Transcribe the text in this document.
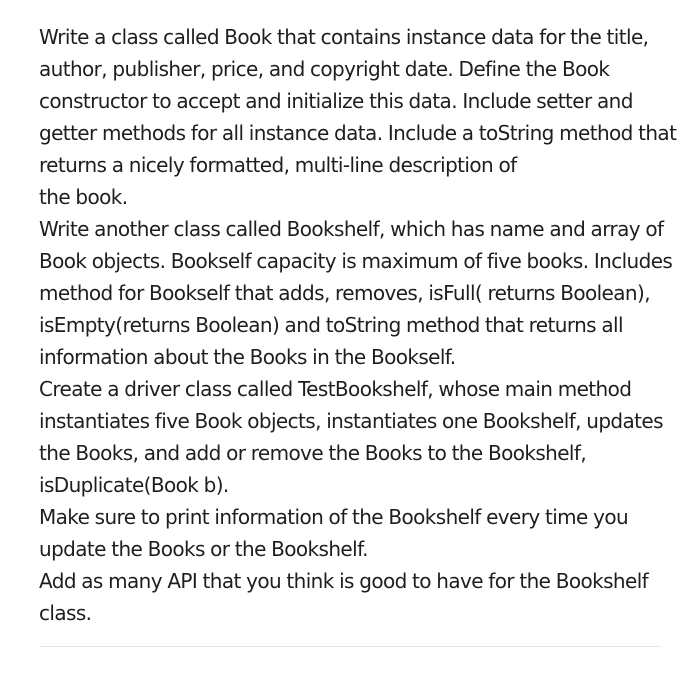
Write a class called Book that contains instance data for the title,
author, publisher, price, and copyright date. Define the Book
constructor to accept and initialize this data. Include setter and
getter methods for all instance data. Include a toString method that
returns a nicely formatted, multi-line description of
the book.
Write another class called Bookshelf, which has name and array of
Book objects. Bookself capacity is maximum of five books. Includes
method for Bookself that adds, removes, isFull( returns Boolean),
isEmpty(returns Boolean) and toString method that returns all
information about the Books in the Bookself.
Create a driver class called TestBookshelf, whose main method
instantiates five Book objects, instantiates one Bookshelf, updates
the Books, and add or remove the Books to the Bookshelf,
isDuplicate(Book b).
Make sure to print information of the Bookshelf every time you
update the Books or the Bookshelf.
Add as many API that you think is good to have for the Bookshelf
class.
